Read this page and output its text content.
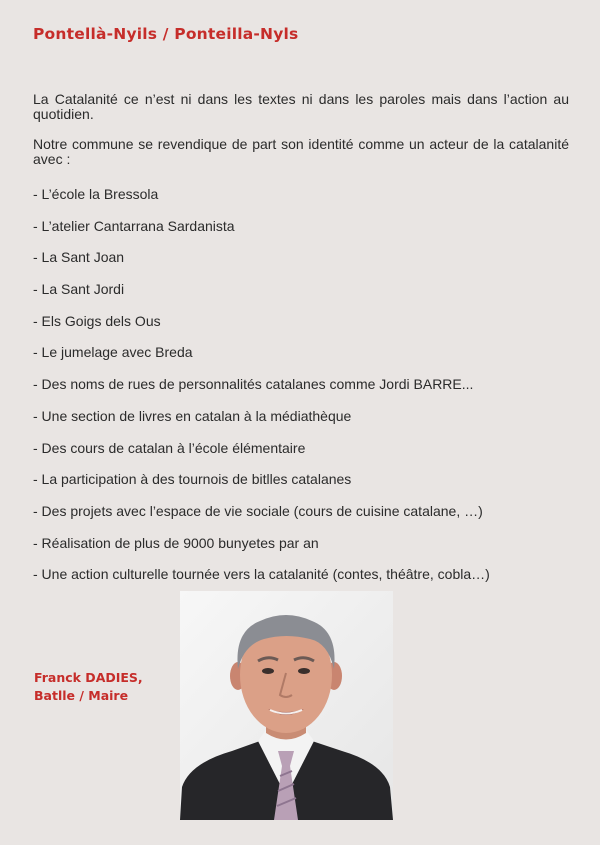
Pontellà-Nyils / Ponteilla-Nyls

La Catalanité ce n’est ni dans les textes ni dans les paroles mais dans l’action au quotidien.

Notre commune se revendique de part son identité comme un acteur de la catalanité avec :

- L’école la Bressola
- L’atelier Cantarrana Sardanista
- La Sant Joan
- La Sant Jordi
- Els Goigs dels Ous
- Le jumelage avec Breda
- Des noms de rues de personnalités catalanes comme Jordi BARRE...
- Une section de livres en catalan à la médiathèque
- Des cours de catalan à l’école élémentaire
- La participation à des tournois de bitlles catalanes
- Des projets avec l’espace de vie sociale (cours de cuisine catalane, …)
- Réalisation de plus de 9000 bunyetes par an
- Une action culturelle tournée vers la catalanité (contes, théâtre, cobla…)
Franck DADIES,
Batlle / Maire
